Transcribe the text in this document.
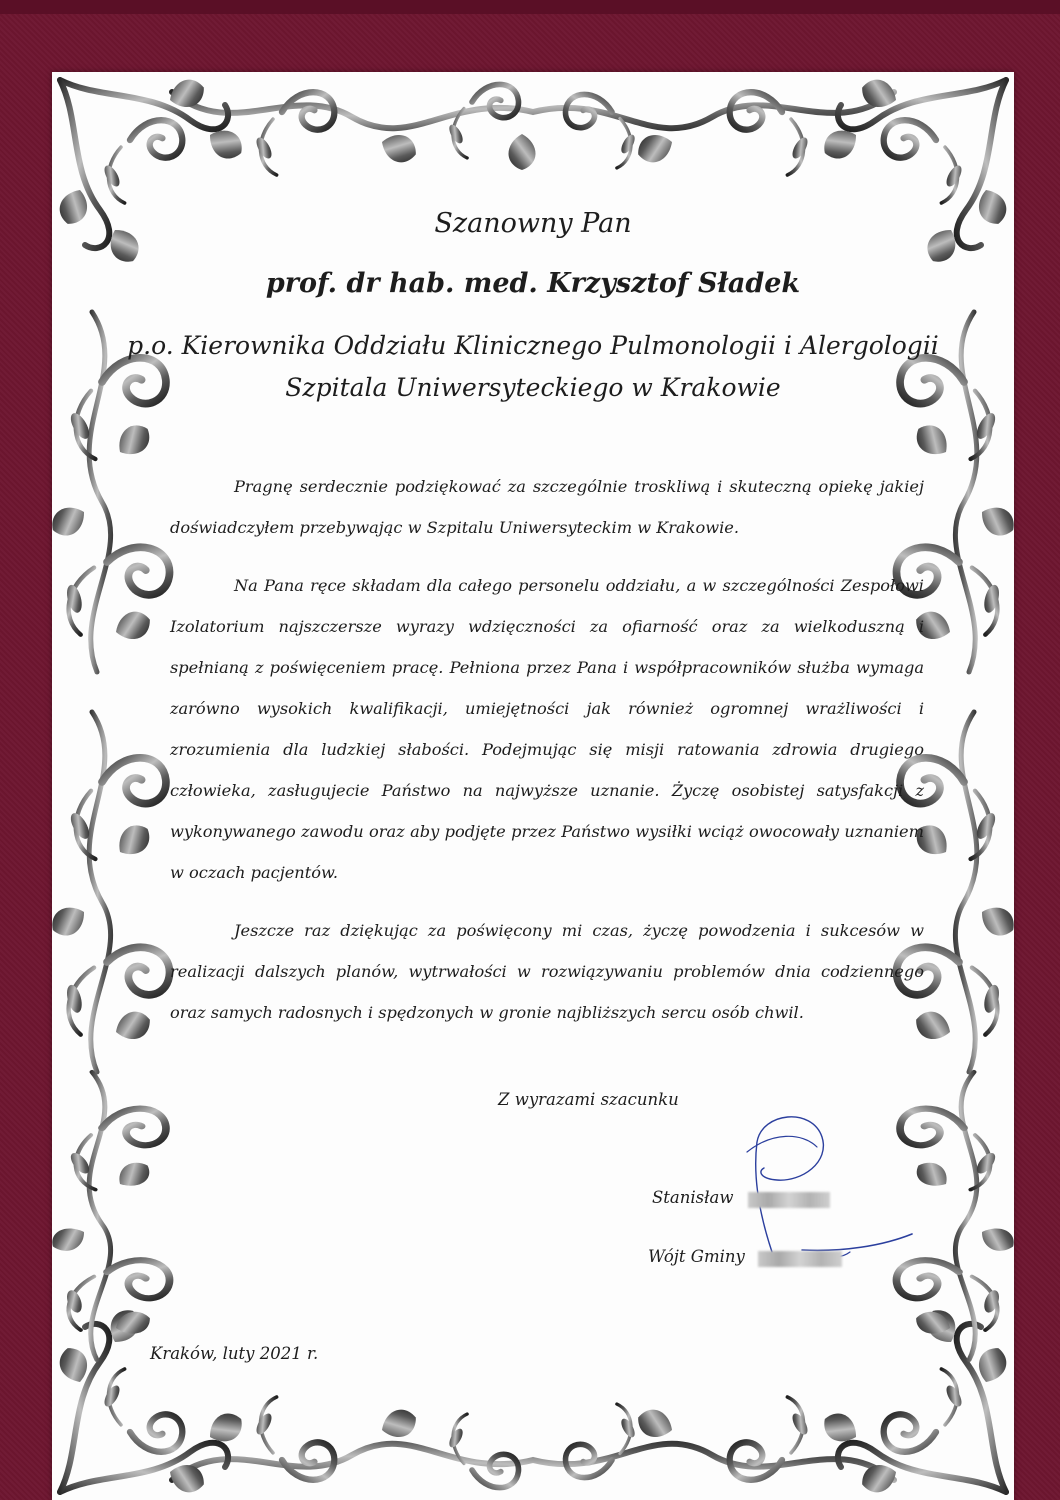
Szanowny Pan
prof. dr hab. med. Krzysztof Sładek
p.o. Kierownika Oddziału Klinicznego Pulmonologii i Alergologii Szpitala Uniwersyteckiego w Krakowie

Pragnę serdecznie podziękować za szczególnie troskliwą i skuteczną opiekę jakiej doświadczyłem przebywając w Szpitalu Uniwersyteckim w Krakowie.

Na Pana ręce składam dla całego personelu oddziału, a w szczególności Zespołowi Izolatorium najszczersze wyrazy wdzięczności za ofiarność oraz za wielkoduszną i spełnianą z poświęceniem pracę. Pełniona przez Pana i współpracowników służba wymaga zarówno wysokich kwalifikacji, umiejętności jak również ogromnej wrażliwości i zrozumienia dla ludzkiej słabości. Podejmując się misji ratowania zdrowia drugiego człowieka, zasługujecie Państwo na najwyższe uznanie. Życzę osobistej satysfakcji z wykonywanego zawodu oraz aby podjęte przez Państwo wysiłki wciąż owocowały uznaniem w oczach pacjentów.

Jeszcze raz dziękując za poświęcony mi czas, życzę powodzenia i sukcesów w realizacji dalszych planów, wytrwałości w rozwiązywaniu problemów dnia codziennego oraz samych radosnych i spędzonych w gronie najbliższych sercu osób chwil.

Z wyrazami szacunku
Stanisław
Wójt Gminy
Kraków, luty 2021 r.
